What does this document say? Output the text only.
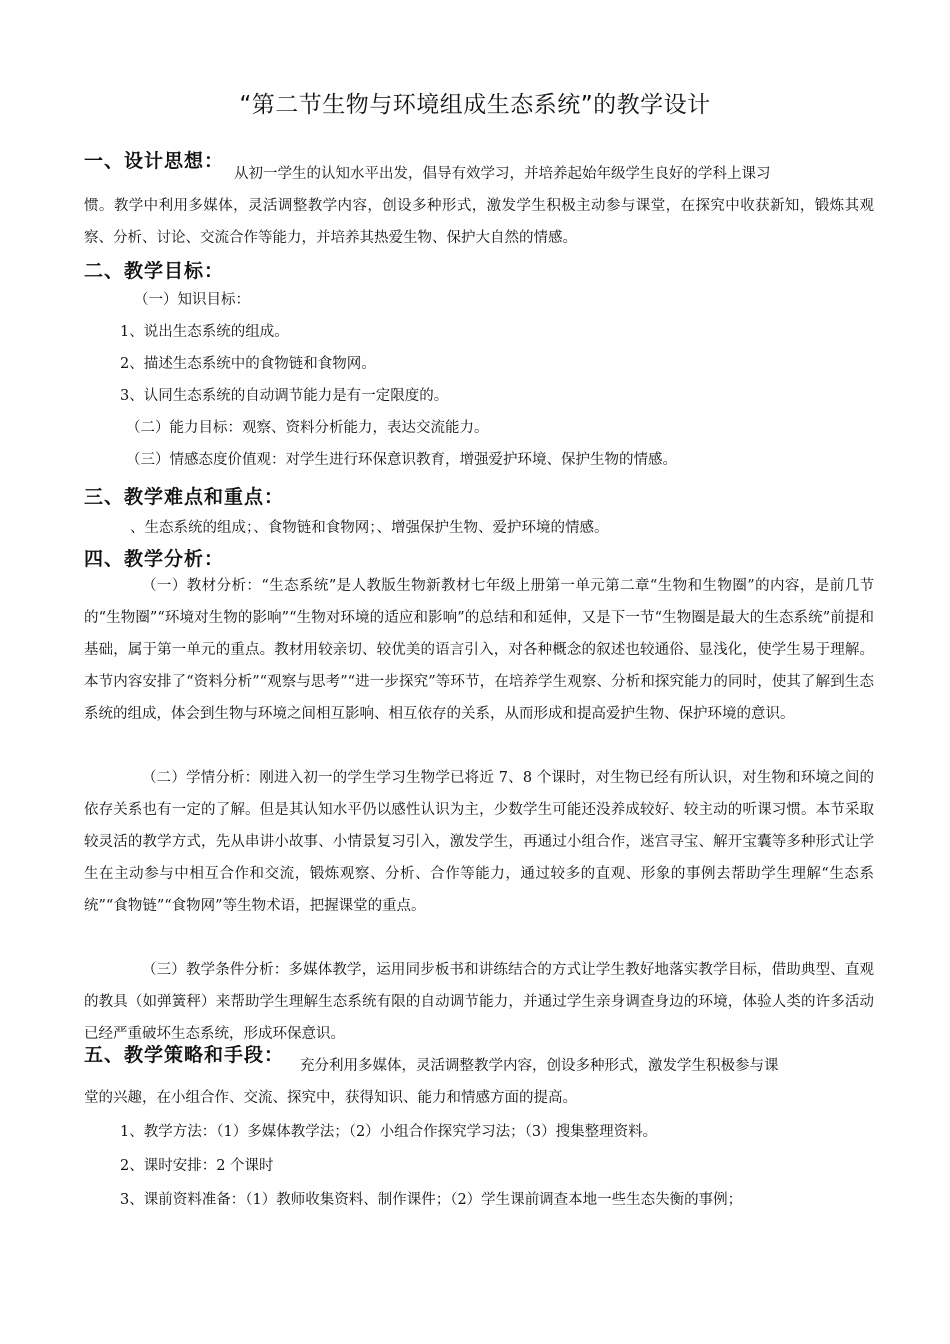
“第二节生物与环境组成生态系统”的教学设计
一、设计思想：
从初一学生的认知水平出发，倡导有效学习，并培养起始年级学生良好的学科上课习

惯。教学中利用多媒体，灵活调整教学内容，创设多种形式，激发学生积极主动参与课堂，在探究中收获新知，锻炼其观察、分析、讨论、交流合作等能力，并培养其热爱生物、保护大自然的情感。

二、教学目标：
（一）知识目标：
1、说出生态系统的组成。
2、描述生态系统中的食物链和食物网。
3、认同生态系统的自动调节能力是有一定限度的。
（二）能力目标：观察、资料分析能力，表达交流能力。
（三）情感态度价值观：对学生进行环保意识教育，增强爱护环境、保护生物的情感。
三、教学难点和重点：
、生态系统的组成；、食物链和食物网；、增强保护生物、爱护环境的情感。
四、教学分析：

（一）教材分析：“生态系统”是人教版生物新教材七年级上册第一单元第二章“生物和生物圈”的内容，是前几节的“生物圈”“环境对生物的影响”“生物对环境的适应和影响”的总结和和延伸，又是下一节“生物圈是最大的生态系统”前提和基础，属于第一单元的重点。教材用较亲切、较优美的语言引入，对各种概念的叙述也较通俗、显浅化，使学生易于理解。本节内容安排了“资料分析”“观察与思考”“进一步探究”等环节，在培养学生观察、分析和探究能力的同时，使其了解到生态系统的组成，体会到生物与环境之间相互影响、相互依存的关系，从而形成和提高爱护生物、保护环境的意识。

（二）学情分析：刚进入初一的学生学习生物学已将近 7、8 个课时，对生物已经有所认识，对生物和环境之间的依存关系也有一定的了解。但是其认知水平仍以感性认识为主，少数学生可能还没养成较好、较主动的听课习惯。本节采取较灵活的教学方式，先从串讲小故事、小情景复习引入，激发学生，再通过小组合作，迷宫寻宝、解开宝囊等多种形式让学生在主动参与中相互合作和交流，锻炼观察、分析、合作等能力，通过较多的直观、形象的事例去帮助学生理解“生态系统”“食物链”“食物网”等生物术语，把握课堂的重点。

（三）教学条件分析：多媒体教学，运用同步板书和讲练结合的方式让学生教好地落实教学目标，借助典型、直观的教具（如弹簧秤）来帮助学生理解生态系统有限的自动调节能力，并通过学生亲身调查身边的环境，体验人类的许多活动已经严重破坏生态系统，形成环保意识。

五、教学策略和手段： 充分利用多媒体，灵活调整教学内容，创设多种形式，激发学生积极参与课
堂的兴趣，在小组合作、交流、探究中，获得知识、能力和情感方面的提高。
1、教学方法：（1）多媒体教学法；（2）小组合作探究学习法；（3）搜集整理资料。
2、课时安排：2 个课时
3、课前资料准备：（1）教师收集资料、制作课件；（2）学生课前调查本地一些生态失衡的事例；
